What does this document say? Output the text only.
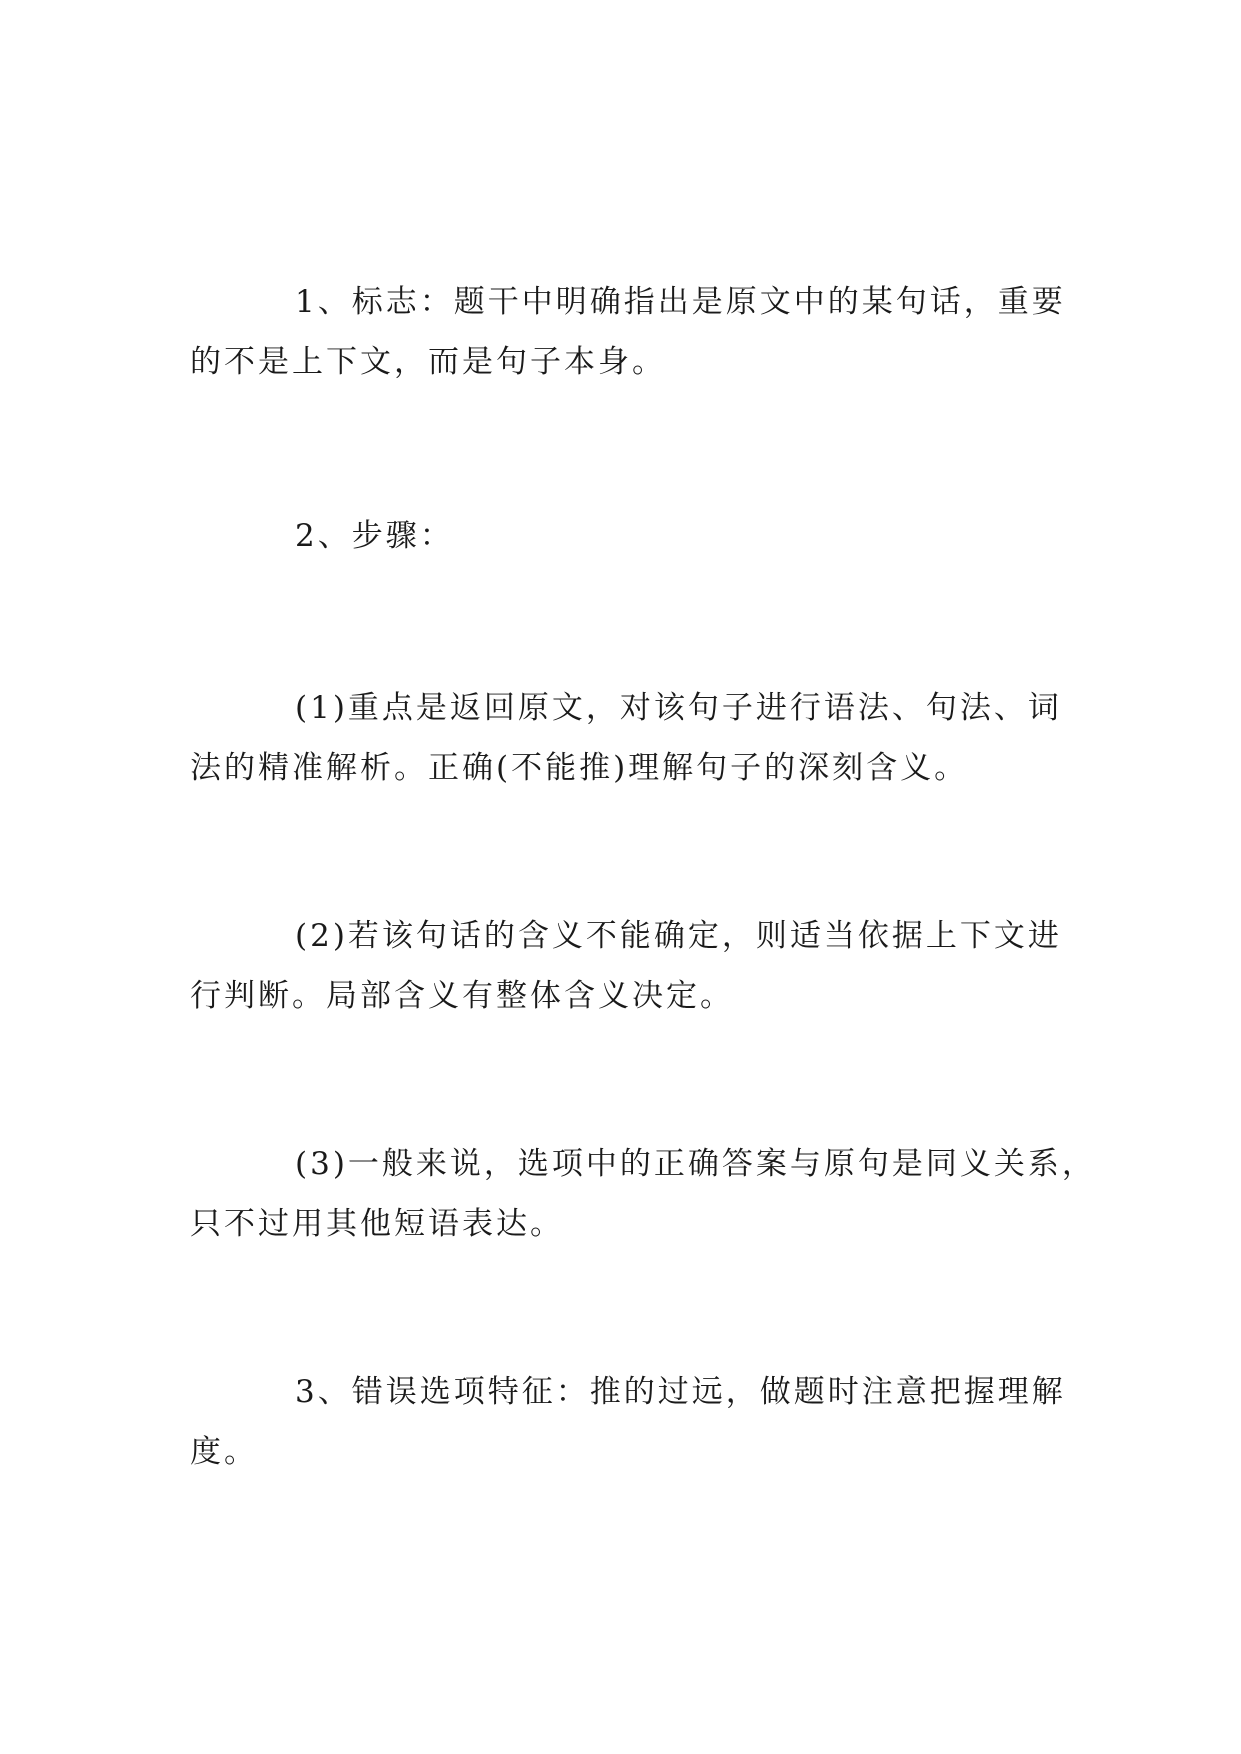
1、标志：题干中明确指出是原文中的某句话，重要
的不是上下文，而是句子本身。

2、步骤：

(1)重点是返回原文，对该句子进行语法、句法、词
法的精准解析。正确(不能推)理解句子的深刻含义。

(2)若该句话的含义不能确定，则适当依据上下文进
行判断。局部含义有整体含义决定。

(3)一般来说，选项中的正确答案与原句是同义关系，
只不过用其他短语表达。

3、错误选项特征：推的过远，做题时注意把握理解
度。
